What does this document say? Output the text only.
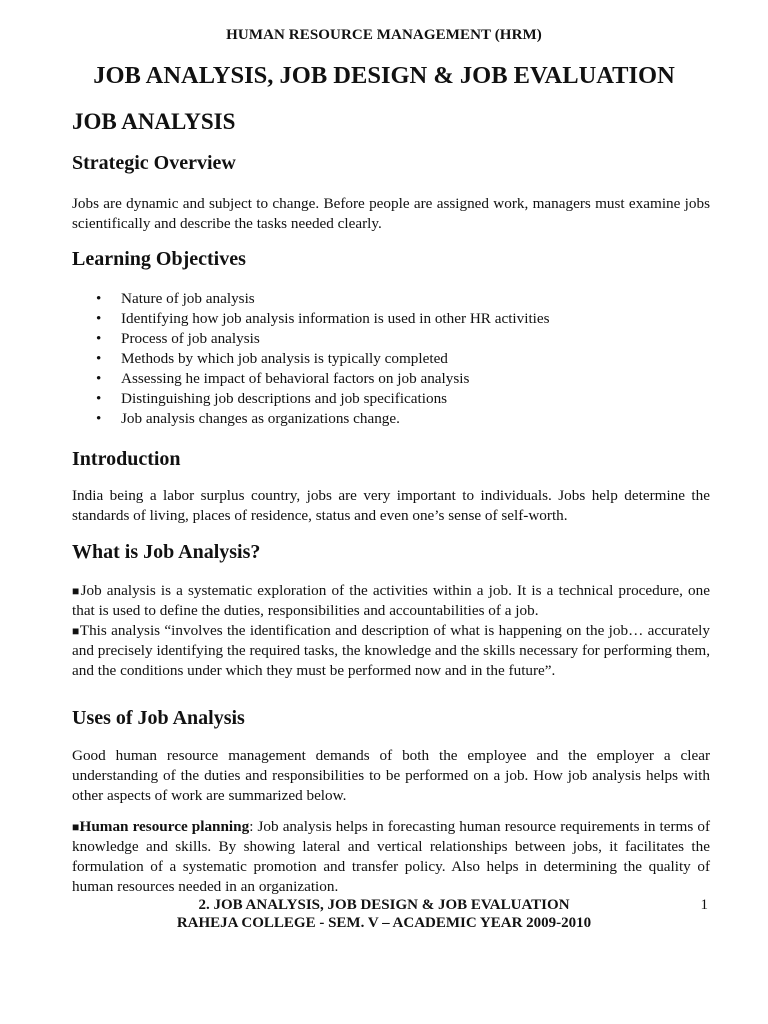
HUMAN RESOURCE MANAGEMENT (HRM)
JOB ANALYSIS, JOB DESIGN & JOB EVALUATION
JOB ANALYSIS
Strategic Overview
Jobs are dynamic and subject to change. Before people are assigned work, managers must examine jobs scientifically and describe the tasks needed clearly.
Learning Objectives
• Nature of job analysis
• Identifying how job analysis information is used in other HR activities
• Process of job analysis
• Methods by which job analysis is typically completed
• Assessing he impact of behavioral factors on job analysis
• Distinguishing job descriptions and job specifications
• Job analysis changes as organizations change.
Introduction
India being a labor surplus country, jobs are very important to individuals. Jobs help determine the standards of living, places of residence, status and even one’s sense of self-worth.
What is Job Analysis?
■Job analysis is a systematic exploration of the activities within a job. It is a technical procedure, one that is used to define the duties, responsibilities and accountabilities of a job.
■This analysis “involves the identification and description of what is happening on the job… accurately and precisely identifying the required tasks, the knowledge and the skills necessary for performing them, and the conditions under which they must be performed now and in the future”.
Uses of Job Analysis
Good human resource management demands of both the employee and the employer a clear understanding of the duties and responsibilities to be performed on a job. How job analysis helps with other aspects of work are summarized below.
■Human resource planning: Job analysis helps in forecasting human resource requirements in terms of knowledge and skills. By showing lateral and vertical relationships between jobs, it facilitates the formulation of a systematic promotion and transfer policy. Also helps in determining the quality of human resources needed in an organization.
2. JOB ANALYSIS, JOB DESIGN & JOB EVALUATION
RAHEJA COLLEGE - SEM. V – ACADEMIC YEAR 2009-2010
1
